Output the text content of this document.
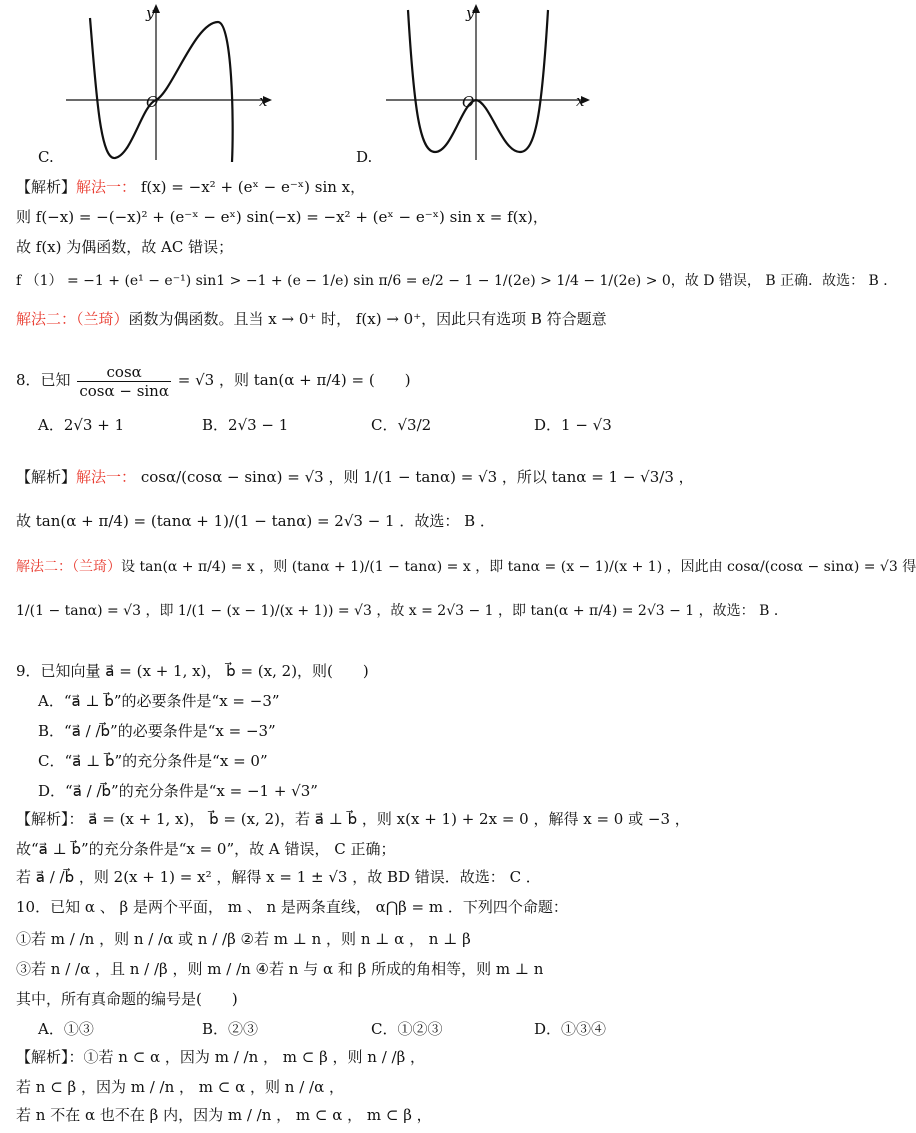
y
x
O
C.
y
x
O
D.
【解析】解法一： f(x) = −x² + (eˣ − e⁻ˣ) sin x，
则 f(−x) = −(−x)² + (e⁻ˣ − eˣ) sin(−x) = −x² + (eˣ − e⁻ˣ) sin x = f(x)，
故 f(x) 为偶函数，故 AC 错误；
f （1） = −1 + (e¹ − e⁻¹) sin1 > −1 + (e − 1/e) sin π/6 = e/2 − 1 − 1/(2e) > 1/4 − 1/(2e) > 0，故 D 错误， B 正确．故选： B ．
解法二：（兰琦）函数为偶函数。且当 x → 0⁺ 时， f(x) → 0⁺，因此只有选项 B 符合题意
8．已知 $\frac{\cos\alpha}{\cos\alpha - \sin\alpha} = √3$ ，则 tan(α + π/4) = (　　)
A．2√3 + 1	B．2√3 − 1	C．√3/2	D．1 − √3
【解析】解法一： cosα/(cosα − sinα) = √3 ，则 1/(1 − tanα) = √3 ，所以 tanα = 1 − √3/3 ，
故 tan(α + π/4) = (tanα + 1)/(1 − tanα) = 2√3 − 1 ．故选： B ．
解法二：（兰琦）设 tan(α + π/4) = x ，则 (tanα + 1)/(1 − tanα) = x ，即 tanα = (x − 1)/(x + 1) ，因此由 cosα/(cosα − sinα) = √3 得
1/(1 − tanα) = √3 ，即 1/(1 − (x − 1)/(x + 1)) = √3 ，故 x = 2√3 − 1 ，即 tan(α + π/4) = 2√3 − 1 ，故选： B ．
9．已知向量 a⃗ = (x + 1, x)， b⃗ = (x, 2)，则(　　)
A．“a⃗ ⊥ b⃗”的必要条件是“x = −3”
B．“a⃗ / /b⃗”的必要条件是“x = −3”
C．“a⃗ ⊥ b⃗”的充分条件是“x = 0”
D．“a⃗ / /b⃗”的充分条件是“x = −1 + √3”
【解析】： a⃗ = (x + 1, x)， b⃗ = (x, 2)，若 a⃗ ⊥ b⃗ ，则 x(x + 1) + 2x = 0 ，解得 x = 0 或 −3 ，
故“a⃗ ⊥ b⃗”的充分条件是“x = 0”，故 A 错误， C 正确；
若 a⃗ / /b⃗ ，则 2(x + 1) = x² ，解得 x = 1 ± √3 ，故 BD 错误．故选： C ．
10．已知 α 、 β 是两个平面， m 、 n 是两条直线， α⋂β = m ．下列四个命题：
①若 m / /n ，则 n / /α 或 n / /β ②若 m ⊥ n ，则 n ⊥ α ， n ⊥ β
③若 n / /α ，且 n / /β ，则 m / /n ④若 n 与 α 和 β 所成的角相等，则 m ⊥ n
其中，所有真命题的编号是(　　)
A．①③	B．②③	C．①②③	D．①③④
【解析】：①若 n ⊂ α ，因为 m / /n ， m ⊂ β ，则 n / /β ，
若 n ⊂ β ，因为 m / /n ， m ⊂ α ，则 n / /α ，
若 n 不在 α 也不在 β 内，因为 m / /n ， m ⊂ α ， m ⊂ β ，
